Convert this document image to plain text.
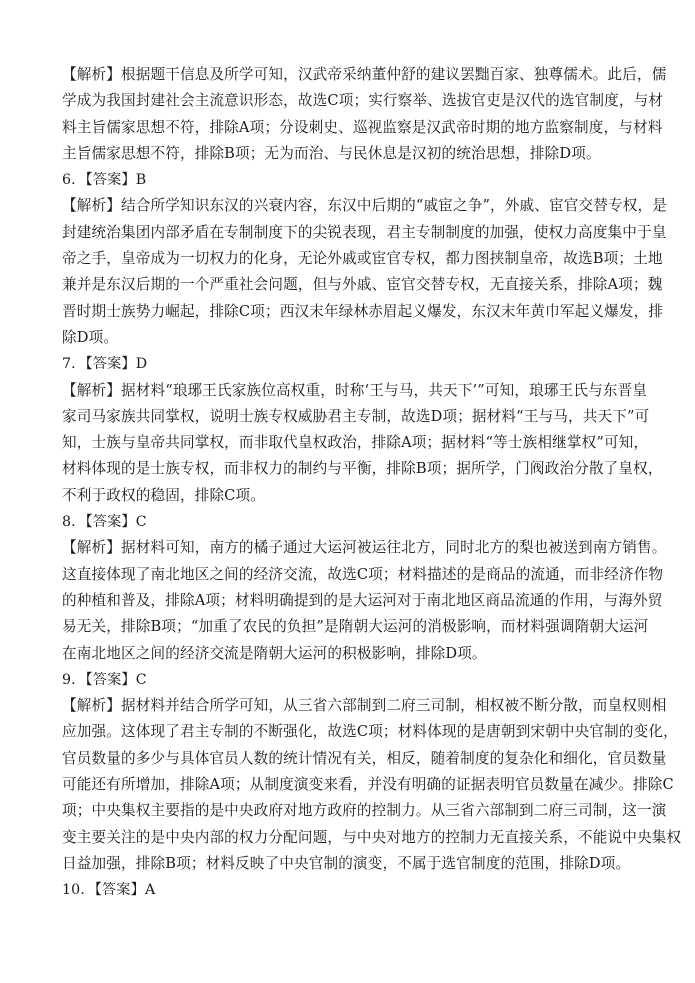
【解析】根据题干信息及所学可知，汉武帝采纳董仲舒的建议罢黜百家、独尊儒术。此后，儒
学成为我国封建社会主流意识形态，故选C项；实行察举、选拔官吏是汉代的选官制度，与材
料主旨儒家思想不符，排除A项；分设刺史、巡视监察是汉武帝时期的地方监察制度，与材料
主旨儒家思想不符，排除B项；无为而治、与民休息是汉初的统治思想，排除D项。
6．【答案】B
【解析】结合所学知识东汉的兴衰内容，东汉中后期的“戚宦之争”，外戚、宦官交替专权，是
封建统治集团内部矛盾在专制制度下的尖锐表现，君主专制制度的加强，使权力高度集中于皇
帝之手，皇帝成为一切权力的化身，无论外戚或宦官专权，都力图挟制皇帝，故选B项；土地
兼并是东汉后期的一个严重社会问题，但与外戚、宦官交替专权，无直接关系，排除A项；魏
晋时期士族势力崛起，排除C项；西汉末年绿林赤眉起义爆发，东汉末年黄巾军起义爆发，排
除D项。
7．【答案】D
【解析】据材料“琅琊王氏家族位高权重，时称‘王与马，共天下’”可知，琅琊王氏与东晋皇
家司马家族共同掌权，说明士族专权威胁君主专制，故选D项；据材料“王与马，共天下”可
知，士族与皇帝共同掌权，而非取代皇权政治，排除A项；据材料“等士族相继掌权”可知，
材料体现的是士族专权，而非权力的制约与平衡，排除B项；据所学，门阀政治分散了皇权，
不利于政权的稳固，排除C项。
8．【答案】C
【解析】据材料可知，南方的橘子通过大运河被运往北方，同时北方的梨也被送到南方销售。
这直接体现了南北地区之间的经济交流，故选C项；材料描述的是商品的流通，而非经济作物
的种植和普及，排除A项；材料明确提到的是大运河对于南北地区商品流通的作用，与海外贸
易无关，排除B项；“加重了农民的负担”是隋朝大运河的消极影响，而材料强调隋朝大运河
在南北地区之间的经济交流是隋朝大运河的积极影响，排除D项。
9．【答案】C
【解析】据材料并结合所学可知，从三省六部制到二府三司制，相权被不断分散，而皇权则相
应加强。这体现了君主专制的不断强化，故选C项；材料体现的是唐朝到宋朝中央官制的变化，
官员数量的多少与具体官员人数的统计情况有关，相反，随着制度的复杂化和细化，官员数量
可能还有所增加，排除A项；从制度演变来看，并没有明确的证据表明官员数量在减少。排除C
项；中央集权主要指的是中央政府对地方政府的控制力。从三省六部制到二府三司制，这一演
变主要关注的是中央内部的权力分配问题，与中央对地方的控制力无直接关系，不能说中央集权
日益加强，排除B项；材料反映了中央官制的演变，不属于选官制度的范围，排除D项。
10．【答案】A
